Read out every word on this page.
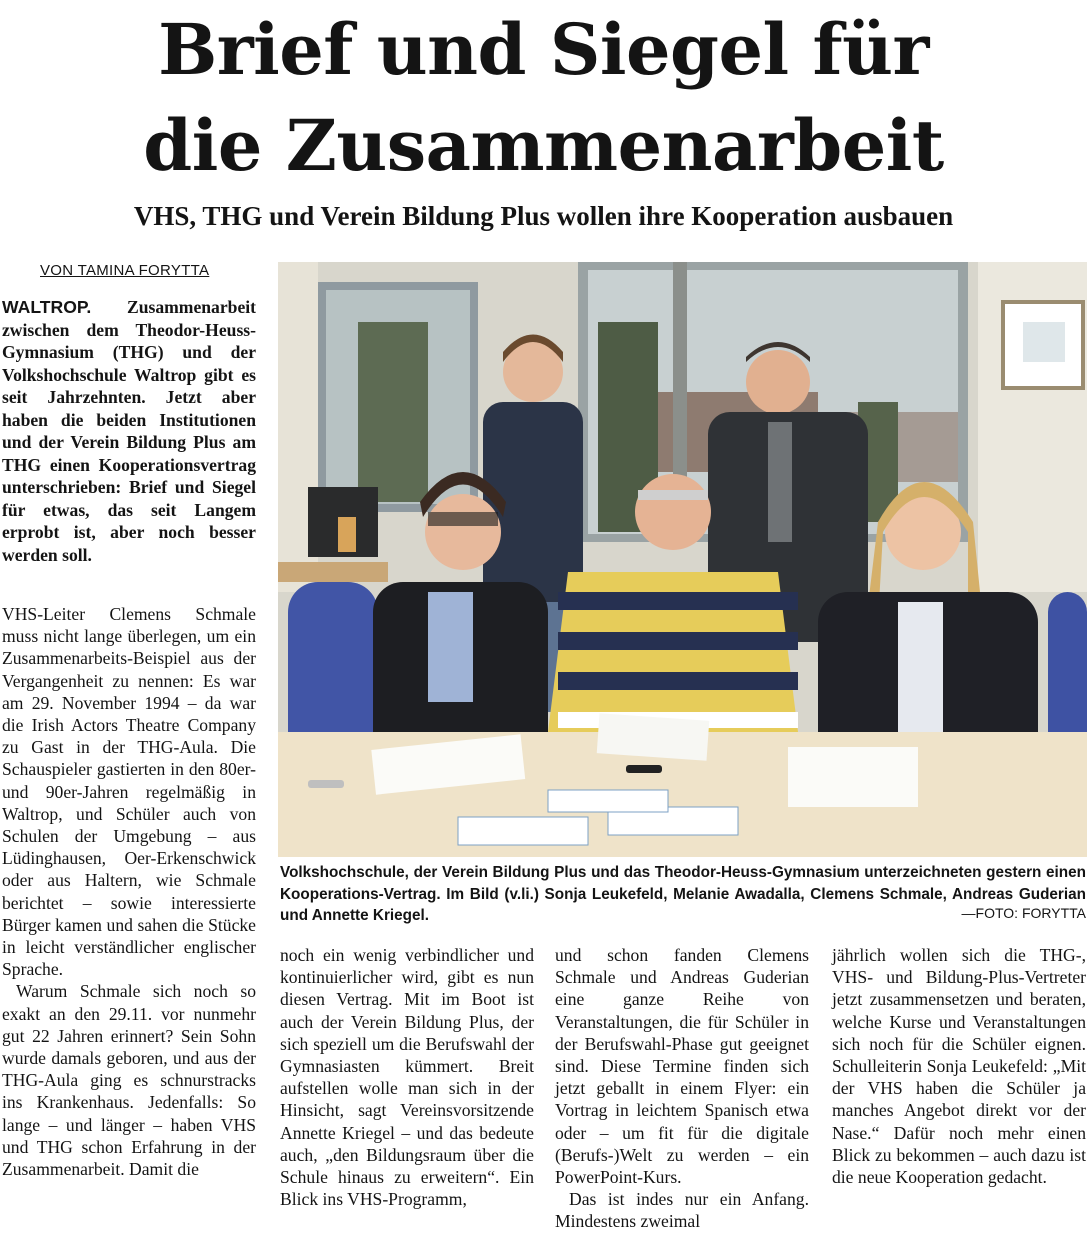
Brief und Siegel für
die Zusammenarbeit
VHS, THG und Verein Bildung Plus wollen ihre Kooperation ausbauen
VON TAMINA FORYTTA
WALTROP. Zusammenarbeit zwischen dem Theodor-Heuss-Gymnasium (THG) und der Volkshochschule Waltrop gibt es seit Jahrzehnten. Jetzt aber haben die beiden Institutionen und der Verein Bildung Plus am THG einen Kooperationsvertrag unterschrieben: Brief und Siegel für etwas, das seit Langem erprobt ist, aber noch besser werden soll.

VHS-Leiter Clemens Schmale muss nicht lange überlegen, um ein Zusammenarbeits-Beispiel aus der Vergangenheit zu nennen: Es war am 29. November 1994 – da war die Irish Actors Theatre Company zu Gast in der THG-Aula. Die Schauspieler gastierten in den 80er- und 90er-Jahren regelmäßig in Waltrop, und Schüler auch von Schulen der Umgebung – aus Lüdinghausen, Oer-Erkenschwick oder aus Haltern, wie Schmale berichtet – sowie interessierte Bürger kamen und sahen die Stücke in leicht verständlicher englischer Sprache.

Warum Schmale sich noch so exakt an den 29.11. vor nunmehr gut 22 Jahren erinnert? Sein Sohn wurde damals geboren, und aus der THG-Aula ging es schnurstracks ins Krankenhaus. Jedenfalls: So lange – und länger – haben VHS und THG schon Erfahrung in der Zusammenarbeit. Damit die

Volkshochschule, der Verein Bildung Plus und das Theodor-Heuss-Gymnasium unterzeichneten gestern einen Kooperations-Vertrag. Im Bild (v.li.) Sonja Leukefeld, Melanie Awadalla, Clemens Schmale, Andreas Guderian und Annette Kriegel.	—FOTO: FORYTTA

noch ein wenig verbindlicher und kontinuierlicher wird, gibt es nun diesen Vertrag. Mit im Boot ist auch der Verein Bildung Plus, der sich speziell um die Berufswahl der Gymnasiasten kümmert. Breit aufstellen wolle man sich in der Hinsicht, sagt Vereinsvorsitzende Annette Kriegel – und das bedeute auch, „den Bildungsraum über die Schule hinaus zu erweitern“. Ein Blick ins VHS-Programm,

und schon fanden Clemens Schmale und Andreas Guderian eine ganze Reihe von Veranstaltungen, die für Schüler in der Berufswahl-Phase gut geeignet sind. Diese Termine finden sich jetzt geballt in einem Flyer: ein Vortrag in leichtem Spanisch etwa oder – um fit für die digitale (Berufs-)Welt zu werden – ein PowerPoint-Kurs.

Das ist indes nur ein Anfang. Mindestens zweimal

jährlich wollen sich die THG-, VHS- und Bildung-Plus-Vertreter jetzt zusammensetzen und beraten, welche Kurse und Veranstaltungen sich noch für die Schüler eignen. Schulleiterin Sonja Leukefeld: „Mit der VHS haben die Schüler ja manches Angebot direkt vor der Nase.“ Dafür noch mehr einen Blick zu bekommen – auch dazu ist die neue Kooperation gedacht.
